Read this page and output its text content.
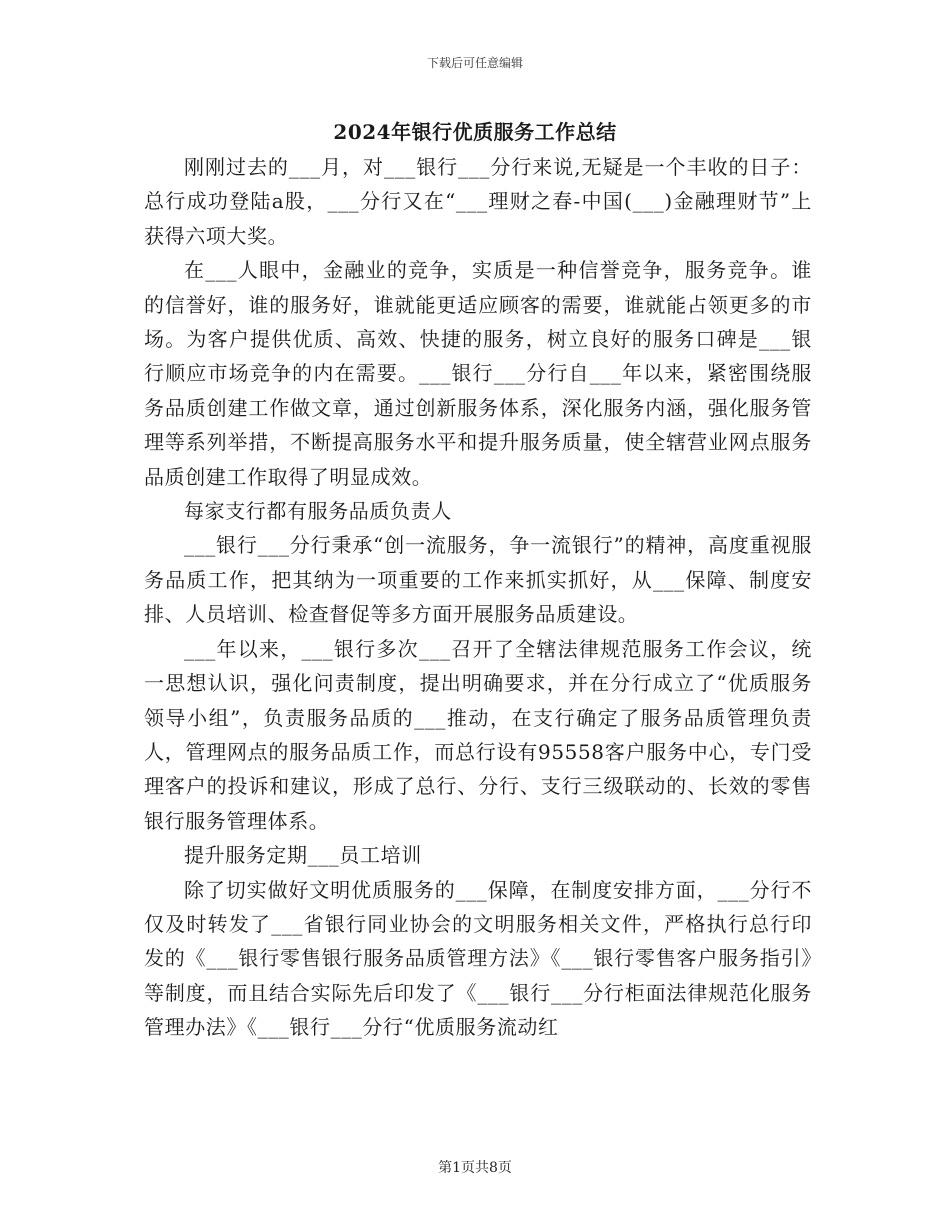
下载后可任意编辑
2024年银行优质服务工作总结

刚刚过去的___月，对___银行___分行来说,无疑是一个丰收的日子：总行成功登陆a股，___分行又在“___理财之春-中国(___)金融理财节”上获得六项大奖。

在___人眼中，金融业的竞争，实质是一种信誉竞争，服务竞争。谁的信誉好，谁的服务好，谁就能更适应顾客的需要，谁就能占领更多的市场。为客户提供优质、高效、快捷的服务，树立良好的服务口碑是___银行顺应市场竞争的内在需要。___银行___分行自___年以来，紧密围绕服务品质创建工作做文章，通过创新服务体系，深化服务内涵，强化服务管理等系列举措，不断提高服务水平和提升服务质量，使全辖营业网点服务品质创建工作取得了明显成效。

每家支行都有服务品质负责人

___银行___分行秉承“创一流服务，争一流银行”的精神，高度重视服务品质工作，把其纳为一项重要的工作来抓实抓好，从___保障、制度安排、人员培训、检查督促等多方面开展服务品质建设。

___年以来，___银行多次___召开了全辖法律规范服务工作会议，统一思想认识，强化问责制度，提出明确要求，并在分行成立了“优质服务领导小组”，负责服务品质的___推动，在支行确定了服务品质管理负责人，管理网点的服务品质工作，而总行设有95558客户服务中心，专门受理客户的投诉和建议，形成了总行、分行、支行三级联动的、长效的零售银行服务管理体系。

提升服务定期___员工培训

除了切实做好文明优质服务的___保障，在制度安排方面，___分行不仅及时转发了___省银行同业协会的文明服务相关文件，严格执行总行印发的《___银行零售银行服务品质管理方法》《___银行零售客户服务指引》等制度，而且结合实际先后印发了《___银行___分行柜面法律规范化服务管理办法》《___银行___分行“优质服务流动红

第1页共8页
